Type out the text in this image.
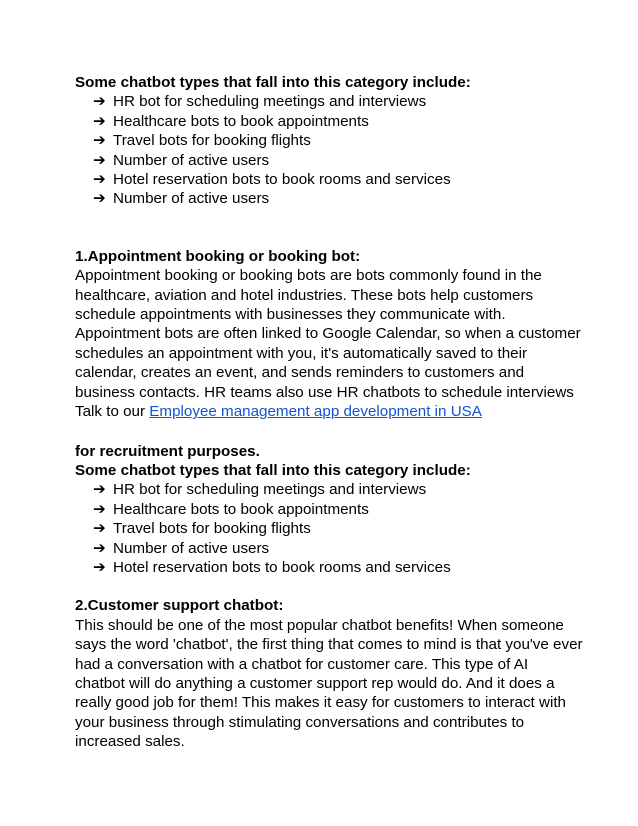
Some chatbot types that fall into this category include:
➔ HR bot for scheduling meetings and interviews
➔ Healthcare bots to book appointments
➔ Travel bots for booking flights
➔ Number of active users
➔ Hotel reservation bots to book rooms and services
➔ Number of active users
1.Appointment booking or booking bot:
Appointment booking or booking bots are bots commonly found in the
healthcare, aviation and hotel industries. These bots help customers
schedule appointments with businesses they communicate with.
Appointment bots are often linked to Google Calendar, so when a customer
schedules an appointment with you, it's automatically saved to their
calendar, creates an event, and sends reminders to customers and
business contacts. HR teams also use HR chatbots to schedule interviews
Talk to our Employee management app development in USA
for recruitment purposes.
Some chatbot types that fall into this category include:
➔ HR bot for scheduling meetings and interviews
➔ Healthcare bots to book appointments
➔ Travel bots for booking flights
➔ Number of active users
➔ Hotel reservation bots to book rooms and services
2.Customer support chatbot:
This should be one of the most popular chatbot benefits! When someone
says the word 'chatbot', the first thing that comes to mind is that you've ever
had a conversation with a chatbot for customer care. This type of AI
chatbot will do anything a customer support rep would do. And it does a
really good job for them! This makes it easy for customers to interact with
your business through stimulating conversations and contributes to
increased sales.
